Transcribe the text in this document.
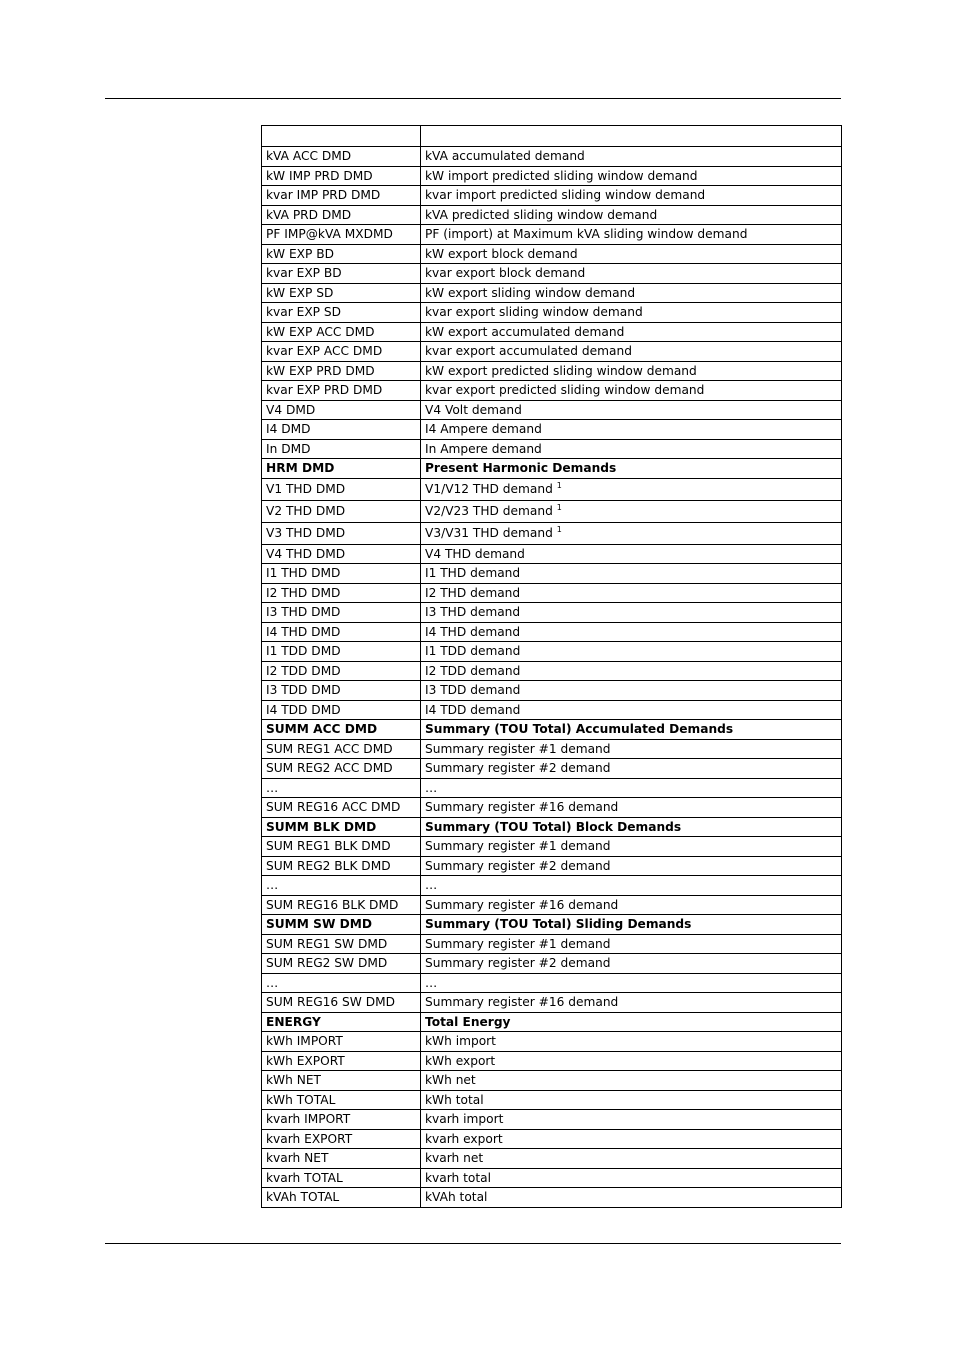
kVA ACC DMD	kVA accumulated demand
kW IMP PRD DMD	kW import predicted sliding window demand
kvar IMP PRD DMD	kvar import predicted sliding window demand
kVA PRD DMD	kVA predicted sliding window demand
PF IMP@kVA MXDMD	PF (import) at Maximum kVA sliding window demand
kW EXP BD	kW export block demand
kvar EXP BD	kvar export block demand
kW EXP SD	kW export sliding window demand
kvar EXP SD	kvar export sliding window demand
kW EXP ACC DMD	kW export accumulated demand
kvar EXP ACC DMD	kvar export accumulated demand
kW EXP PRD DMD	kW export predicted sliding window demand
kvar EXP PRD DMD	kvar export predicted sliding window demand
V4 DMD	V4 Volt demand
I4 DMD	I4 Ampere demand
In DMD	In Ampere demand
HRM DMD	Present Harmonic Demands
V1 THD DMD	V1/V12 THD demand $^1$
V2 THD DMD	V2/V23 THD demand $^1$
V3 THD DMD	V3/V31 THD demand $^1$
V4 THD DMD	V4 THD demand
I1 THD DMD	I1 THD demand
I2 THD DMD	I2 THD demand
I3 THD DMD	I3 THD demand
I4 THD DMD	I4 THD demand
I1 TDD DMD	I1 TDD demand
I2 TDD DMD	I2 TDD demand
I3 TDD DMD	I3 TDD demand
I4 TDD DMD	I4 TDD demand
SUMM ACC DMD	Summary (TOU Total) Accumulated Demands
SUM REG1 ACC DMD	Summary register #1 demand
SUM REG2 ACC DMD	Summary register #2 demand
…	…
SUM REG16 ACC DMD	Summary register #16 demand
SUMM BLK DMD	Summary (TOU Total) Block Demands
SUM REG1 BLK DMD	Summary register #1 demand
SUM REG2 BLK DMD	Summary register #2 demand
…	…
SUM REG16 BLK DMD	Summary register #16 demand
SUMM SW DMD	Summary (TOU Total) Sliding Demands
SUM REG1 SW DMD	Summary register #1 demand
SUM REG2 SW DMD	Summary register #2 demand
…	…
SUM REG16 SW DMD	Summary register #16 demand
ENERGY	Total Energy
kWh IMPORT	kWh import
kWh EXPORT	kWh export
kWh NET	kWh net
kWh TOTAL	kWh total
kvarh IMPORT	kvarh import
kvarh EXPORT	kvarh export
kvarh NET	kvarh net
kvarh TOTAL	kvarh total
kVAh TOTAL	kVAh total
